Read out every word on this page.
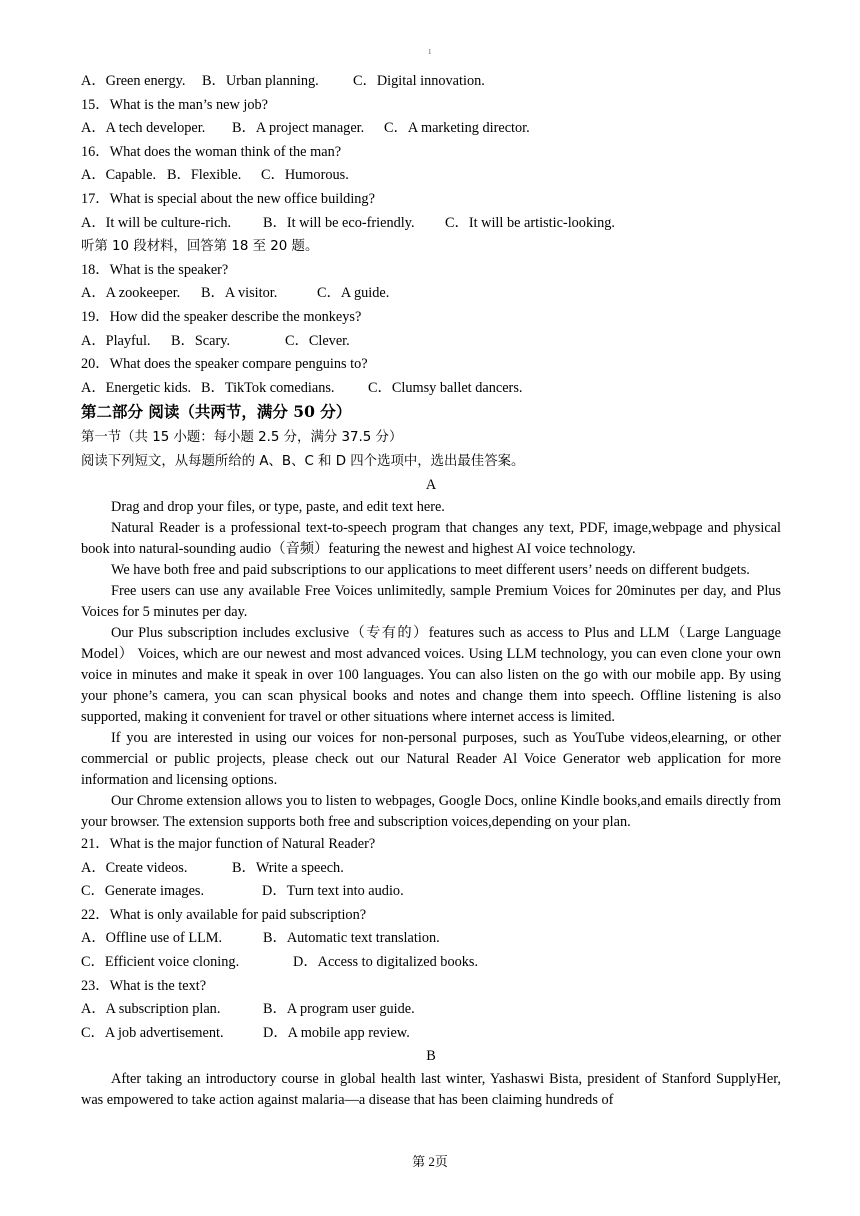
1
A．Green energy. B．Urban planning. C．Digital innovation.
15．What is the man’s new job?
A．A tech developer. B．A project manager. C．A marketing director.
16．What does the woman think of the man?
A．Capable. B．Flexible. C．Humorous.
17．What is special about the new office building?
A．It will be culture-rich. B．It will be eco-friendly. C．It will be artistic-looking.
听第 10 段材料，回答第 18 至 20 题。
18．What is the speaker?
A．A zookeeper. B．A visitor.	C．A guide.
19．How did the speaker describe the monkeys?
A．Playful. B．Scary.	C．Clever.
20．What does the speaker compare penguins to?
A．Energetic kids. B．TikTok comedians. C．Clumsy ballet dancers.
第二部分 阅读（共两节，满分 50 分）
第一节（共 15 小题：每小题 2.5 分，满分 37.5 分）
阅读下列短文，从每题所给的 A、B、C 和 D 四个选项中，选出最佳答案。
A

Drag and drop your files, or type, paste, and edit text here.

Natural Reader is a professional text-to-speech program that changes any text, PDF, image,webpage and physical book into natural-sounding audio（音频）featuring the newest and highest AI voice technology.

We have both free and paid subscriptions to our applications to meet different users’ needs on different budgets.

Free users can use any available Free Voices unlimitedly, sample Premium Voices for 20minutes per day, and Plus Voices for 5 minutes per day.

Our Plus subscription includes exclusive（专有的）features such as access to Plus and LLM（Large Language Model） Voices, which are our newest and most advanced voices. Using LLM technology, you can even clone your own voice in minutes and make it speak in over 100 languages. You can also listen on the go with our mobile app. By using your phone’s camera, you can scan physical books and notes and change them into speech. Offline listening is also supported, making it convenient for travel or other situations where internet access is limited.

If you are interested in using our voices for non-personal purposes, such as YouTube videos,elearning, or other commercial or public projects, please check out our Natural Reader Al Voice Generator web application for more information and licensing options.

Our Chrome extension allows you to listen to webpages, Google Docs, online Kindle books,and emails directly from your browser. The extension supports both free and subscription voices,depending on your plan.

21．What is the major function of Natural Reader?
A．Create videos.	B．Write a speech.
C．Generate images.	D．Turn text into audio.
22．What is only available for paid subscription?
A．Offline use of LLM.	B．Automatic text translation.
C．Efficient voice cloning.	D．Access to digitalized books.
23．What is the text?
A．A subscription plan.	B．A program user guide.
C．A job advertisement.	D．A mobile app review.
B

After taking an introductory course in global health last winter, Yashaswi Bista, president of Stanford SupplyHer, was empowered to take action against malaria—a disease that has been claiming hundreds of

第 2页
